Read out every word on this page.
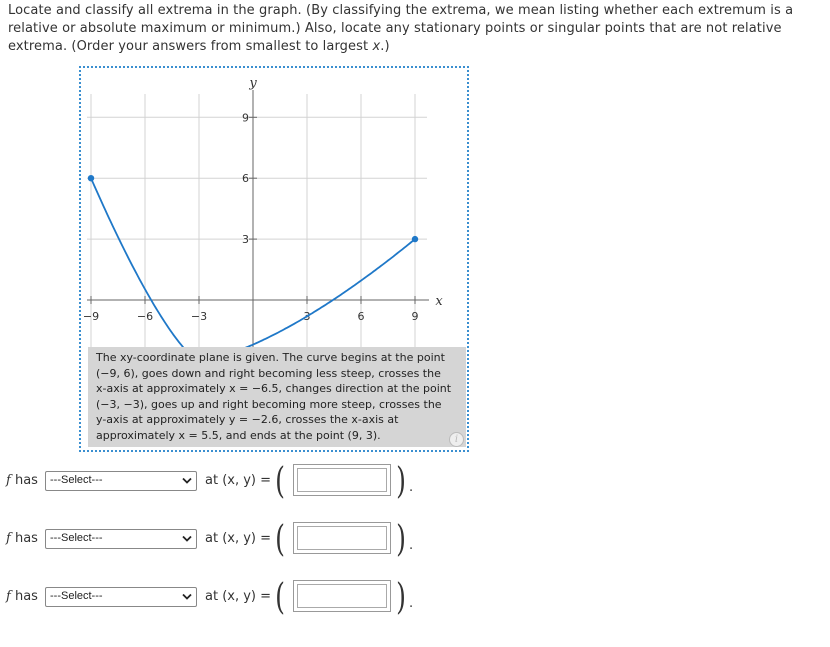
Locate and classify all extrema in the graph. (By classifying the extrema, we mean listing whether each extremum is a
relative or absolute maximum or minimum.) Also, locate any stationary points or singular points that are not relative
extrema. (Order your answers from smallest to largest x.)
−9	−6	−3	3	6	9
3
6
9
x
y
The xy-coordinate plane is given. The curve begins at the point
(−9, 6), goes down and right becoming less steep, crosses the
x-axis at approximately x = −6.5, changes direction at the point
(−3, −3), goes up and right becoming more steep, crosses the
y-axis at approximately y = −2.6, crosses the x-axis at
approximately x = 5.5, and ends at the point (9, 3).	i
f has ---Select---	at (x, y) = (	) .
f has ---Select---	at (x, y) = (	) .
f has ---Select---	at (x, y) = (	) .
